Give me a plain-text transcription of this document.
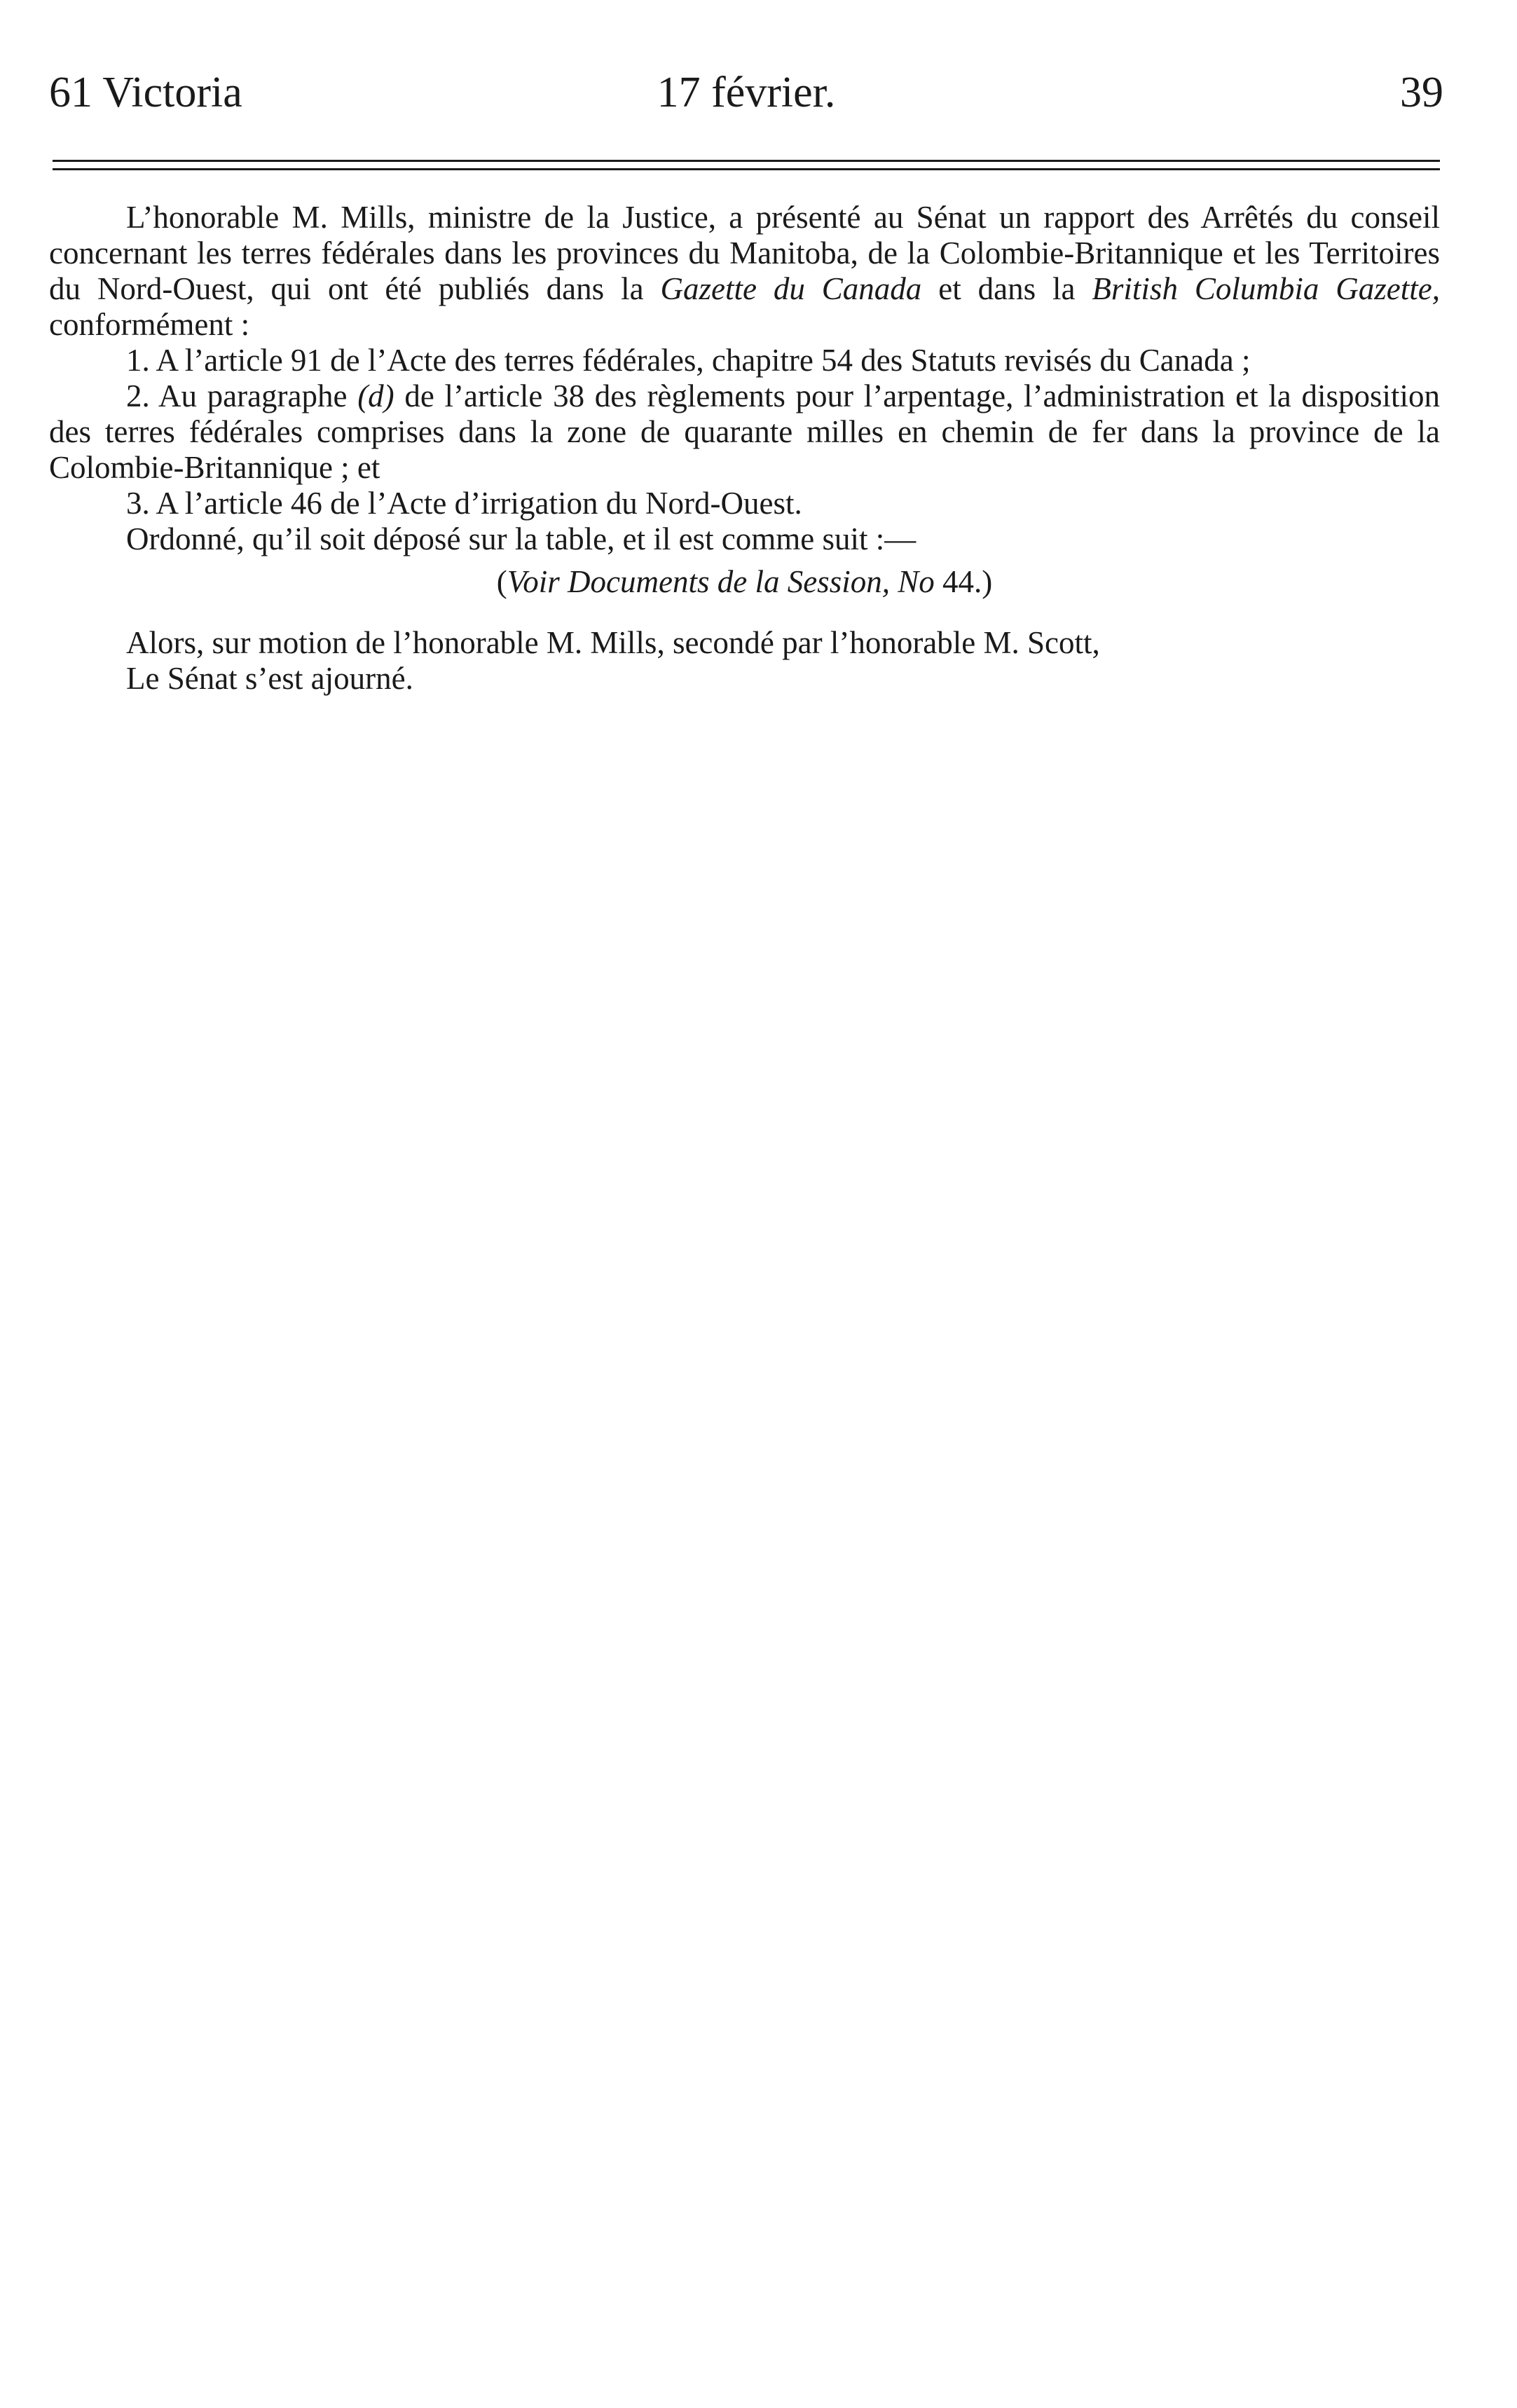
61 Victoria	17 février.	39

L’honorable M. Mills, ministre de la Justice, a présenté au Sénat un rapport des Arrêtés du conseil concernant les terres fédérales dans les provinces du Manitoba, de la Colombie-Britannique et les Territoires du Nord-Ouest, qui ont été publiés dans la Gazette du Canada et dans la British Columbia Gazette, conformément :

1. A l’article 91 de l’Acte des terres fédérales, chapitre 54 des Statuts revisés du Canada ;

2. Au paragraphe (d) de l’article 38 des règlements pour l’arpentage, l’administration et la disposition des terres fédérales comprises dans la zone de quarante milles en chemin de fer dans la province de la Colombie-Britannique ; et

3. A l’article 46 de l’Acte d’irrigation du Nord-Ouest.

Ordonné, qu’il soit déposé sur la table, et il est comme suit :—

(Voir Documents de la Session, No 44.)

Alors, sur motion de l’honorable M. Mills, secondé par l’honorable M. Scott,

Le Sénat s’est ajourné.
